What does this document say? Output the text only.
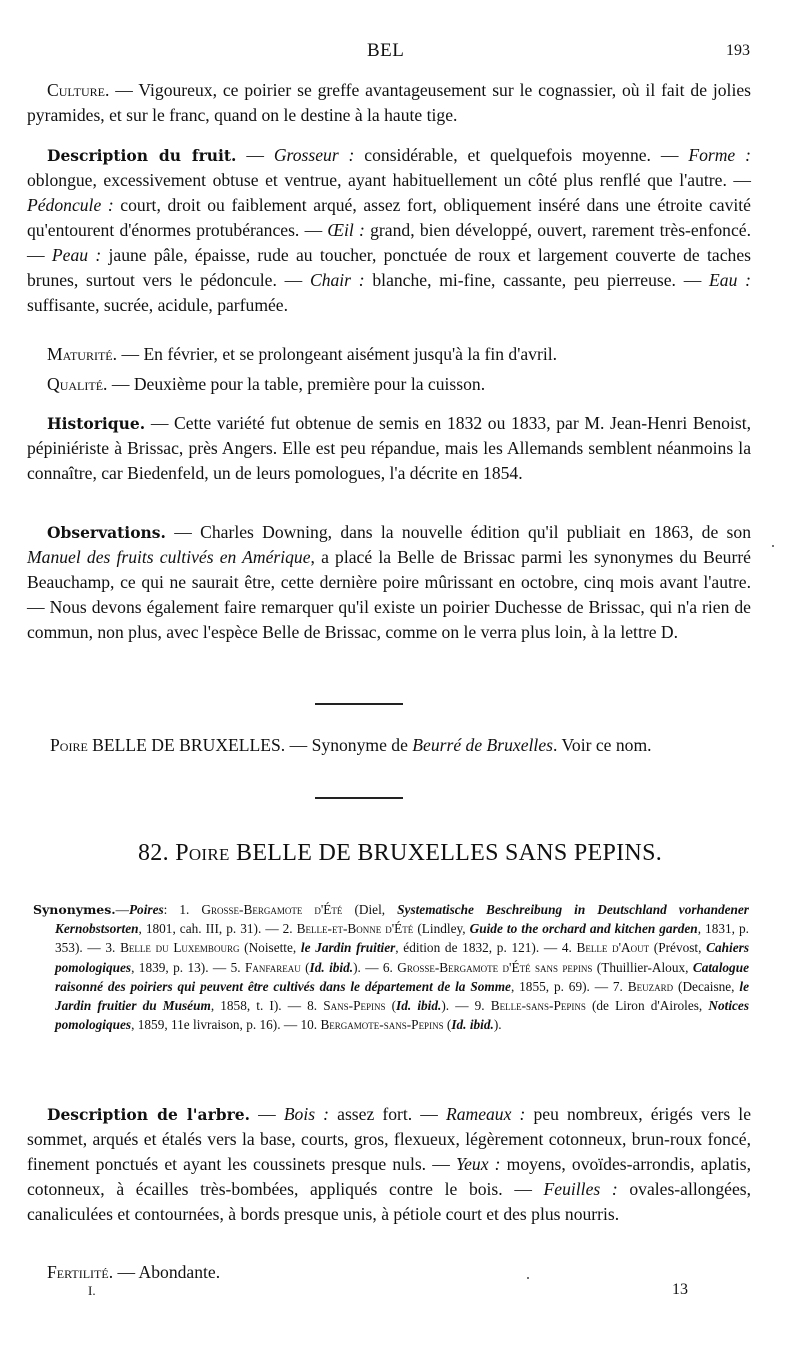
BEL	193

Culture. — Vigoureux, ce poirier se greffe avantageusement sur le cognassier, où il fait de jolies pyramides, et sur le franc, quand on le destine à la haute tige.

Description du fruit. — Grosseur : considérable, et quelquefois moyenne. — Forme : oblongue, excessivement obtuse et ventrue, ayant habituellement un côté plus renflé que l'autre. — Pédoncule : court, droit ou faiblement arqué, assez fort, obliquement inséré dans une étroite cavité qu'entourent d'énormes protubérances. — Œil : grand, bien développé, ouvert, rarement très-enfoncé. — Peau : jaune pâle, épaisse, rude au toucher, ponctuée de roux et largement couverte de taches brunes, surtout vers le pédoncule. — Chair : blanche, mi-fine, cassante, peu pierreuse. — Eau : suffisante, sucrée, acidule, parfumée.

Maturité. — En février, et se prolongeant aisément jusqu'à la fin d'avril.

Qualité. — Deuxième pour la table, première pour la cuisson.

Historique. — Cette variété fut obtenue de semis en 1832 ou 1833, par M. Jean-Henri Benoist, pépiniériste à Brissac, près Angers. Elle est peu répandue, mais les Allemands semblent néanmoins la connaître, car Biedenfeld, un de leurs pomologues, l'a décrite en 1854.

Observations. — Charles Downing, dans la nouvelle édition qu'il publiait en 1863, de son Manuel des fruits cultivés en Amérique, a placé la Belle de Brissac parmi les synonymes du Beurré Beauchamp, ce qui ne saurait être, cette dernière poire mûrissant en octobre, cinq mois avant l'autre. — Nous devons également faire remarquer qu'il existe un poirier Duchesse de Brissac, qui n'a rien de commun, non plus, avec l'espèce Belle de Brissac, comme on le verra plus loin, à la lettre D.

Poire BELLE DE BRUXELLES. — Synonyme de Beurré de Bruxelles. Voir ce nom.

82. Poire BELLE DE BRUXELLES SANS PEPINS.

Synonymes.—Poires: 1. Grosse-Bergamote d'Été (Diel, Systematische Beschreibung in Deutschland vorhandener Kernobstsorten, 1801, cah. III, p. 31). — 2. Belle-et-Bonne d'Été (Lindley, Guide to the orchard and kitchen garden, 1831, p. 353). — 3. Belle du Luxembourg (Noisette, le Jardin fruitier, édition de 1832, p. 121). — 4. Belle d'Aout (Prévost, Cahiers pomologiques, 1839, p. 13). — 5. Fanfareau (Id. ibid.). — 6. Grosse-Bergamote d'Été sans pepins (Thuillier-Aloux, Catalogue raisonné des poiriers qui peuvent être cultivés dans le département de la Somme, 1855, p. 69). — 7. Beuzard (Decaisne, le Jardin fruitier du Muséum, 1858, t. I). — 8. Sans-Pepins (Id. ibid.). — 9. Belle-sans-Pepins (de Liron d'Airoles, Notices pomologiques, 1859, 11e livraison, p. 16). — 10. Bergamote-sans-Pepins (Id. ibid.).

Description de l'arbre. — Bois : assez fort. — Rameaux : peu nombreux, érigés vers le sommet, arqués et étalés vers la base, courts, gros, flexueux, légèrement cotonneux, brun-roux foncé, finement ponctués et ayant les coussinets presque nuls. — Yeux : moyens, ovoïdes-arrondis, aplatis, cotonneux, à écailles très-bombées, appliqués contre le bois. — Feuilles : ovales-allongées, canaliculées et contournées, à bords presque unis, à pétiole court et des plus nourris.

Fertilité. — Abondante.

I.	13
